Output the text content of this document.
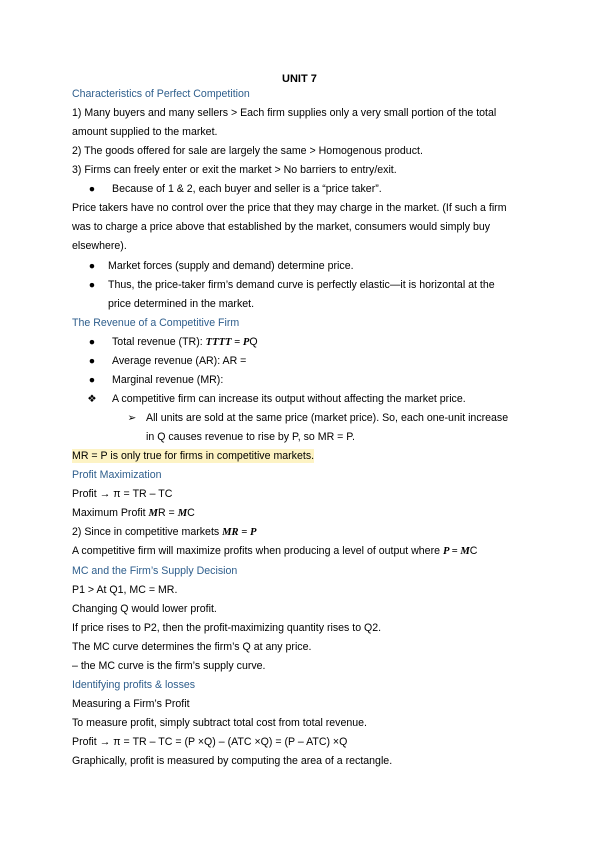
UNIT 7
Characteristics of Perfect Competition
1) Many buyers and many sellers > Each firm supplies only a very small portion of the total
amount supplied to the market.
2) The goods offered for sale are largely the same > Homogenous product.
3) Firms can freely enter or exit the market > No barriers to entry/exit.
● Because of 1 & 2, each buyer and seller is a “price taker”.
Price takers have no control over the price that they may charge in the market. (If such a firm
was to charge a price above that established by the market, consumers would simply buy
elsewhere).
● Market forces (supply and demand) determine price.
● Thus, the price-taker firm’s demand curve is perfectly elastic—it is horizontal at the
price determined in the market.
The Revenue of a Competitive Firm
● Total revenue (TR): TTTT = PQ
● Average revenue (AR): AR =
● Marginal revenue (MR):
❖ A competitive firm can increase its output without affecting the market price.
➢ All units are sold at the same price (market price). So, each one-unit increase
in Q causes revenue to rise by P, so MR = P.
MR = P is only true for firms in competitive markets.
Profit Maximization
Profit → π = TR – TC
Maximum Profit MR = MC
2) Since in competitive markets MR = P
A competitive firm will maximize profits when producing a level of output where P = MC
MC and the Firm’s Supply Decision
P1 > At Q1, MC = MR.
Changing Q would lower profit.
If price rises to P2, then the profit-maximizing quantity rises to Q2.
The MC curve determines the firm’s Q at any price.
– the MC curve is the firm’s supply curve.
Identifying profits & losses
Measuring a Firm’s Profit
To measure profit, simply subtract total cost from total revenue.
Profit → π = TR – TC = (P ×Q) – (ATC ×Q) = (P – ATC) ×Q
Graphically, profit is measured by computing the area of a rectangle.
